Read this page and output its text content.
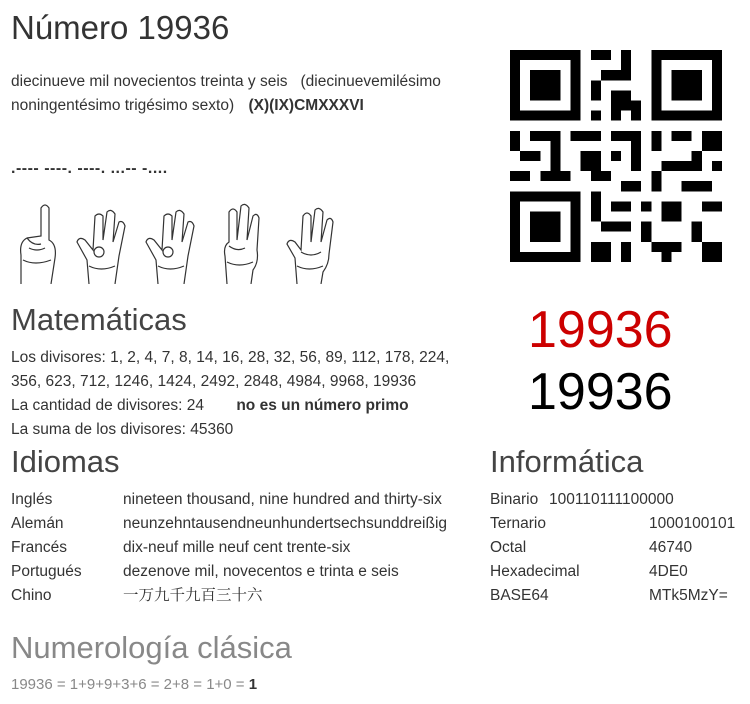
Número 19936
diecinueve mil novecientos treinta y seis (diecinuevemilésimo noningentésimo trigésimo sexto) (X)(IX)CMXXXVI
.---- ----. ----. ...-- -....
Matemáticas
Los divisores: 1, 2, 4, 7, 8, 14, 16, 28, 32, 56, 89, 112, 178, 224, 356, 623, 712, 1246, 1424, 2492, 2848, 4984, 9968, 19936
La cantidad de divisores: 24 no es un número primo
La suma de los divisores: 45360
19936
19936
Idiomas
Inglés	nineteen thousand, nine hundred and thirty-six
Alemán	neunzehntausendneunhundertsechsunddreißig
Francés	dix-neuf mille neuf cent trente-six
Portugués	dezenove mil, novecentos e trinta e seis
Chino	一万九千九百三十六
Informática
Binario 100110111100000
Ternario	1000100101
Octal	46740
Hexadecimal	4DE0
BASE64	MTk5MzY=
Numerología clásica
19936 = 1+9+9+3+6 = 2+8 = 1+0 = 1
